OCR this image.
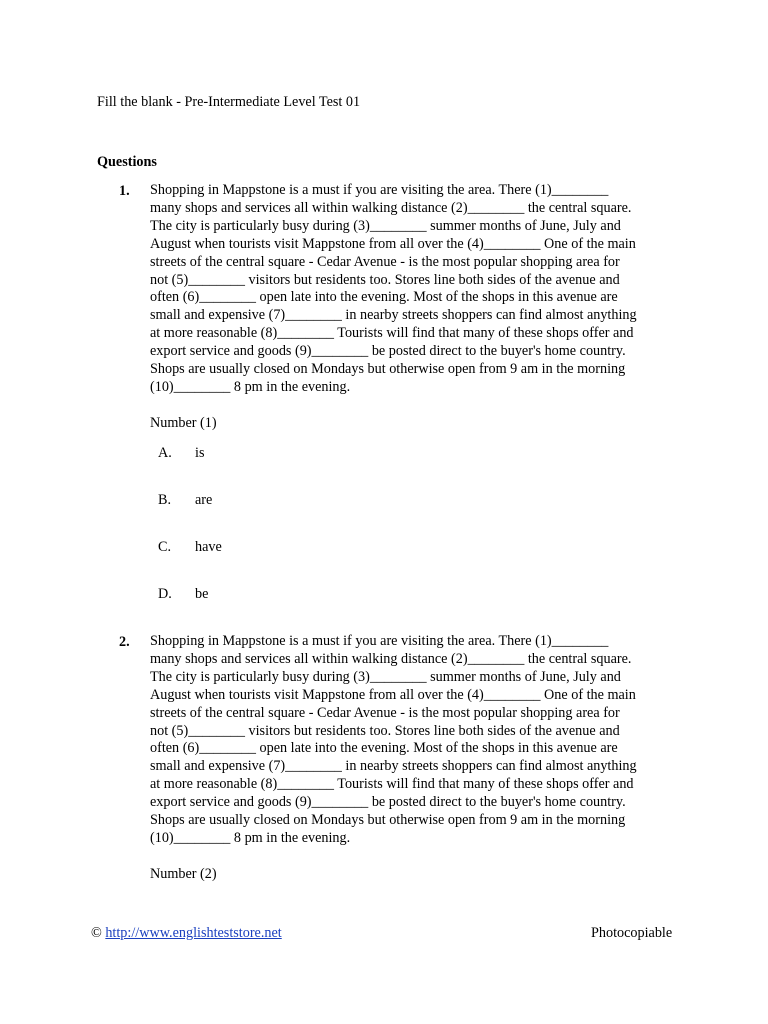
Fill the blank - Pre-Intermediate Level Test 01
Questions
1. Shopping in Mappstone is a must if you are visiting the area. There (1)________
many shops and services all within walking distance (2)________ the central square.
The city is particularly busy during (3)________ summer months of June, July and
August when tourists visit Mappstone from all over the (4)________ One of the main
streets of the central square - Cedar Avenue - is the most popular shopping area for
not (5)________ visitors but residents too. Stores line both sides of the avenue and
often (6)________ open late into the evening. Most of the shops in this avenue are
small and expensive (7)________ in nearby streets shoppers can find almost anything
at more reasonable (8)________ Tourists will find that many of these shops offer and
export service and goods (9)________ be posted direct to the buyer's home country.
Shops are usually closed on Mondays but otherwise open from 9 am in the morning
(10)________ 8 pm in the evening.
Number (1)
A. is
B. are
C. have
D. be
2. Shopping in Mappstone is a must if you are visiting the area. There (1)________
many shops and services all within walking distance (2)________ the central square.
The city is particularly busy during (3)________ summer months of June, July and
August when tourists visit Mappstone from all over the (4)________ One of the main
streets of the central square - Cedar Avenue - is the most popular shopping area for
not (5)________ visitors but residents too. Stores line both sides of the avenue and
often (6)________ open late into the evening. Most of the shops in this avenue are
small and expensive (7)________ in nearby streets shoppers can find almost anything
at more reasonable (8)________ Tourists will find that many of these shops offer and
export service and goods (9)________ be posted direct to the buyer's home country.
Shops are usually closed on Mondays but otherwise open from 9 am in the morning
(10)________ 8 pm in the evening.
Number (2)
© http://www.englishteststore.net	Photocopiable
